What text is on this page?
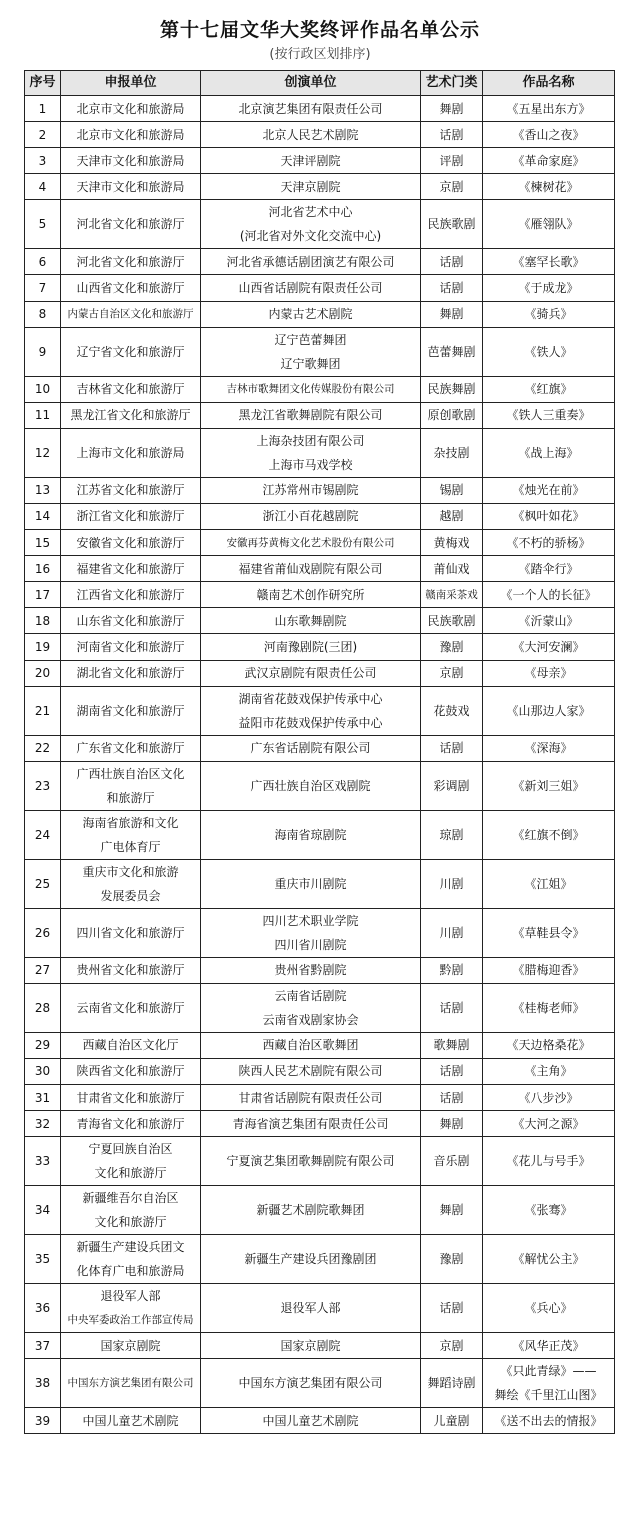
第十七届文华大奖终评作品名单公示
(按行政区划排序)
序号	申报单位	创演单位	艺术门类	作品名称
1	北京市文化和旅游局	北京演艺集团有限责任公司	舞剧	《五星出东方》

2	北京市文化和旅游局	北京人民艺术剧院	话剧	《香山之夜》

3	天津市文化和旅游局	天津评剧院	评剧	《革命家庭》

4	天津市文化和旅游局	天津京剧院	京剧	《楝树花》

5	河北省文化和旅游厅	河北省艺术中心
(河北省对外文化交流中心)	民族歌剧	《雁翎队》

6	河北省文化和旅游厅	河北省承德话剧团演艺有限公司	话剧	《塞罕长歌》

7	山西省文化和旅游厅	山西省话剧院有限责任公司	话剧	《于成龙》

8	内蒙古自治区文化和旅游厅	内蒙古艺术剧院	舞剧	《骑兵》

9	辽宁省文化和旅游厅	辽宁芭蕾舞团
辽宁歌舞团	芭蕾舞剧	《铁人》

10	吉林省文化和旅游厅	吉林市歌舞团文化传媒股份有限公司	民族舞剧	《红旗》

11	黑龙江省文化和旅游厅	黑龙江省歌舞剧院有限公司	原创歌剧	《铁人三重奏》

12	上海市文化和旅游局	上海杂技团有限公司
上海市马戏学校	杂技剧	《战上海》

13	江苏省文化和旅游厅	江苏常州市锡剧院	锡剧	《烛光在前》

14	浙江省文化和旅游厅	浙江小百花越剧院	越剧	《枫叶如花》

15	安徽省文化和旅游厅	安徽再芬黄梅文化艺术股份有限公司	黄梅戏	《不朽的骄杨》

16	福建省文化和旅游厅	福建省莆仙戏剧院有限公司	莆仙戏	《踏伞行》

17	江西省文化和旅游厅	赣南艺术创作研究所	赣南采茶戏	《一个人的长征》

18	山东省文化和旅游厅	山东歌舞剧院	民族歌剧	《沂蒙山》

19	河南省文化和旅游厅	河南豫剧院(三团)	豫剧	《大河安澜》

20	湖北省文化和旅游厅	武汉京剧院有限责任公司	京剧	《母亲》

21	湖南省文化和旅游厅	湖南省花鼓戏保护传承中心
益阳市花鼓戏保护传承中心	花鼓戏	《山那边人家》

22	广东省文化和旅游厅	广东省话剧院有限公司	话剧	《深海》

23	广西壮族自治区文化
和旅游厅	广西壮族自治区戏剧院	彩调剧	《新刘三姐》

24	海南省旅游和文化
广电体育厅	海南省琼剧院	琼剧	《红旗不倒》

25	重庆市文化和旅游
发展委员会	重庆市川剧院	川剧	《江姐》

26	四川省文化和旅游厅	四川艺术职业学院
四川省川剧院	川剧	《草鞋县令》

27	贵州省文化和旅游厅	贵州省黔剧院	黔剧	《腊梅迎香》

28	云南省文化和旅游厅	云南省话剧院
云南省戏剧家协会	话剧	《桂梅老师》

29	西藏自治区文化厅	西藏自治区歌舞团	歌舞剧	《天边格桑花》

30	陕西省文化和旅游厅	陕西人民艺术剧院有限公司	话剧	《主角》

31	甘肃省文化和旅游厅	甘肃省话剧院有限责任公司	话剧	《八步沙》

32	青海省文化和旅游厅	青海省演艺集团有限责任公司	舞剧	《大河之源》

33	宁夏回族自治区
文化和旅游厅	宁夏演艺集团歌舞剧院有限公司	音乐剧	《花儿与号手》

34	新疆维吾尔自治区
文化和旅游厅	新疆艺术剧院歌舞团	舞剧	《张骞》

35	新疆生产建设兵团文
化体育广电和旅游局	新疆生产建设兵团豫剧团	豫剧	《解忧公主》

36	退役军人部
中央军委政治工作部宣传局	退役军人部	话剧	《兵心》

37	国家京剧院	国家京剧院	京剧	《风华正茂》

38	中国东方演艺集团有限公司	中国东方演艺集团有限公司	舞蹈诗剧	《只此青绿》——
舞绘《千里江山图》

39	中国儿童艺术剧院	中国儿童艺术剧院	儿童剧	《送不出去的情报》
